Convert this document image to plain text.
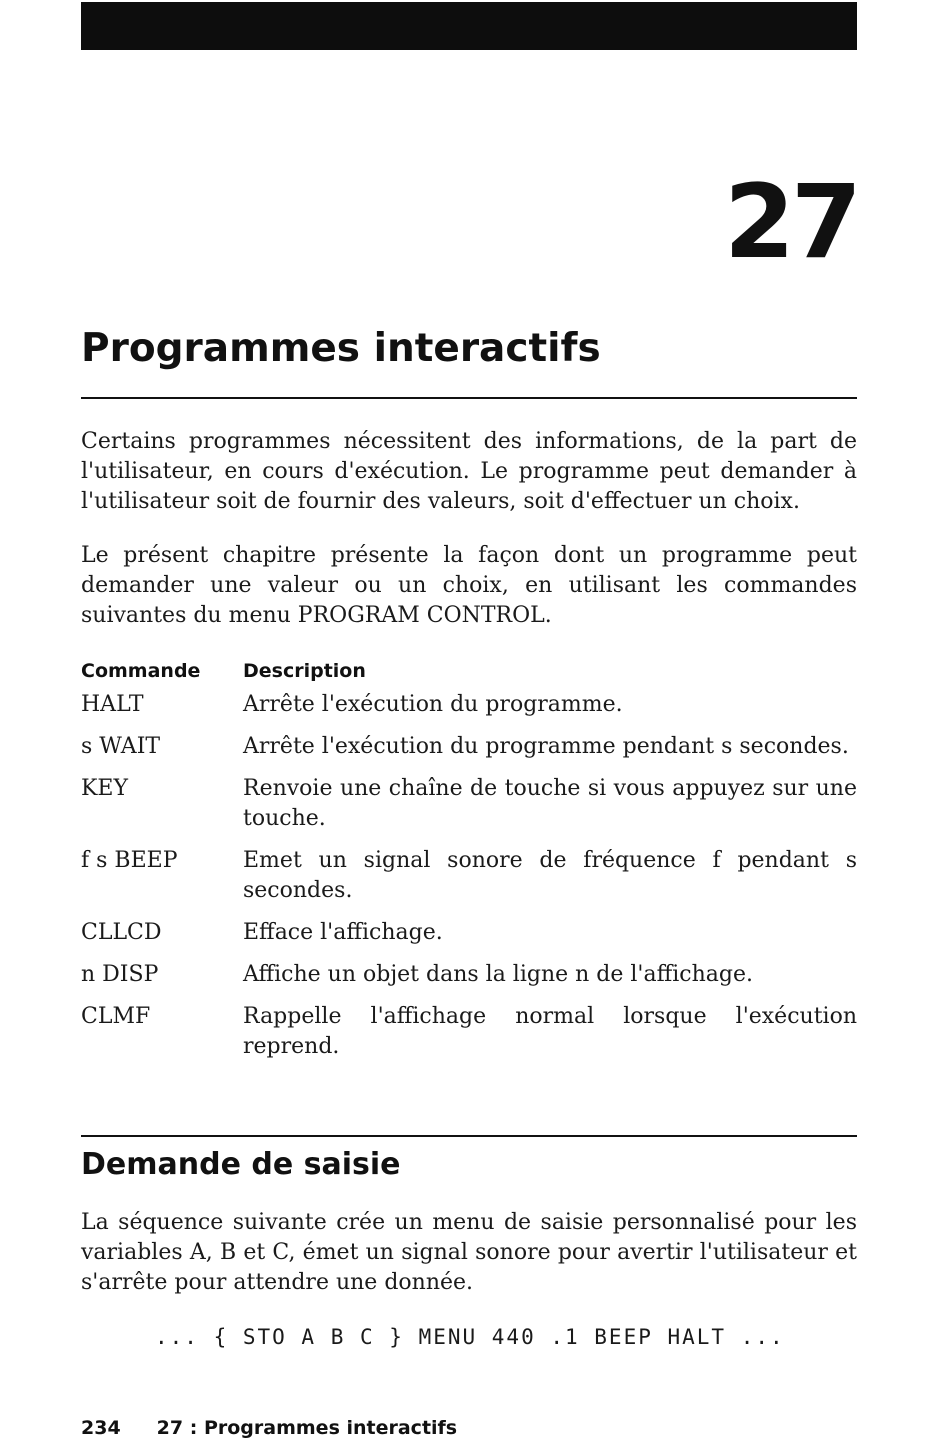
27
Programmes interactifs

Certains programmes nécessitent des informations, de la part de l'utilisateur, en cours d'exécution. Le programme peut demander à l'utilisateur soit de fournir des valeurs, soit d'effectuer un choix.

Le présent chapitre présente la façon dont un programme peut demander une valeur ou un choix, en utilisant les commandes suivantes du menu PROGRAM CONTROL.

Commande	Description
HALT	Arrête l'exécution du programme.
s WAIT	Arrête l'exécution du programme pendant s secondes.
KEY	Renvoie une chaîne de touche si vous appuyez sur une touche.
f s BEEP	Emet un signal sonore de fréquence f pendant s secondes.
CLLCD	Efface l'affichage.
n DISP	Affiche un objet dans la ligne n de l'affichage.
CLMF	Rappelle l'affichage normal lorsque l'exécution reprend.
Demande de saisie

La séquence suivante crée un menu de saisie personnalisé pour les variables A, B et C, émet un signal sonore pour avertir l'utilisateur et s'arrête pour attendre une donnée.

... { STO A B C } MENU 440 .1 BEEP HALT ...
234 27 : Programmes interactifs
